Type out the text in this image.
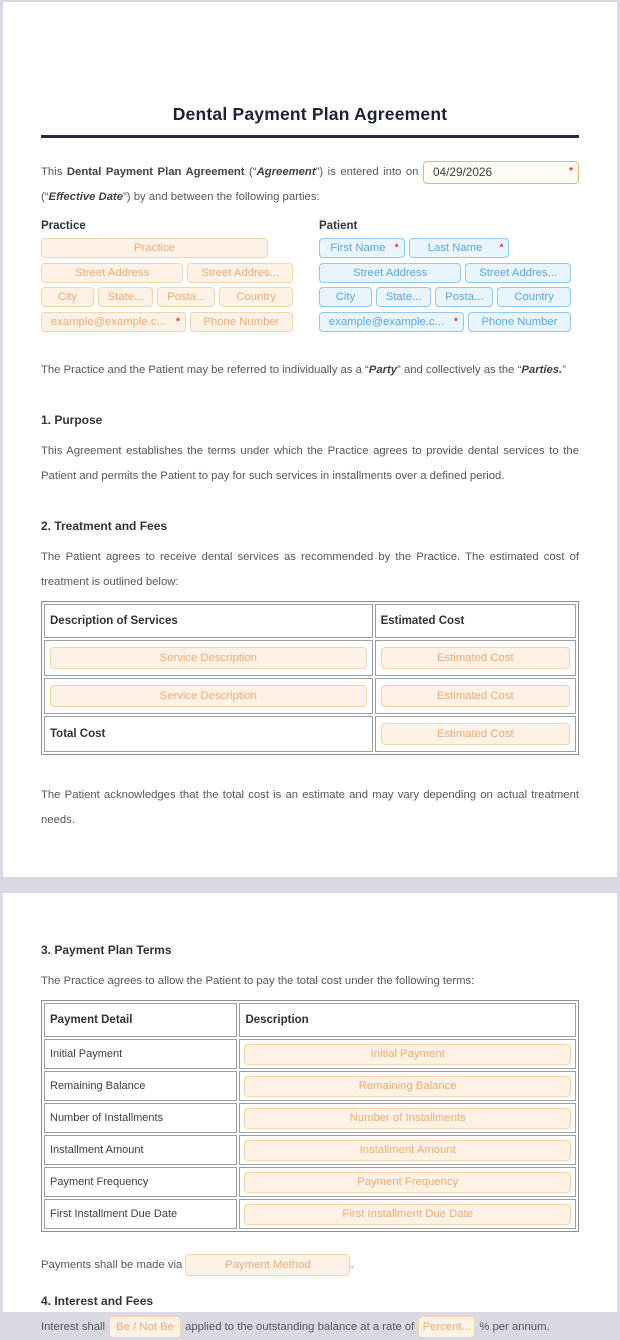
Dental Payment Plan Agreement

This Dental Payment Plan Agreement (“Agreement”) is entered into on 04/29/2026	*
(“Effective Date”) by and between the following parties:

Practice
Practice
Street Address	Street Addres...
City	State...	Posta...	Country
example@example.c... *	Phone Number
Patient
First Name *	Last Name *
Street Address	Street Addres...
City	State...	Posta...	Country
example@example.c... *	Phone Number

The Practice and the Patient may be referred to individually as a “Party” and collectively as the “Parties.”

1. Purpose

This Agreement establishes the terms under which the Practice agrees to provide dental services to the Patient and permits the Patient to pay for such services in installments over a defined period.

2. Treatment and Fees

The Patient agrees to receive dental services as recommended by the Practice. The estimated cost of treatment is outlined below:

Description of Services	Estimated Cost

Service Description	Estimated Cost

Service Description	Estimated Cost

Total Cost	Estimated Cost

The Patient acknowledges that the total cost is an estimate and may vary depending on actual treatment needs.

3. Payment Plan Terms

The Practice agrees to allow the Patient to pay the total cost under the following terms:

Payment Detail	Description
Initial Payment	Initial Payment

Remaining Balance	Remaining Balance

Number of Installments	Number of Installments

Installment Amount	Installment Amount

Payment Frequency	Payment Frequency

First Installment Due Date	First Installment Due Date

Payments shall be made via	Payment Method	.

4. Interest and Fees

Interest shall Be / Not Be applied to the outstanding balance at a rate of Percent... % per annum.
